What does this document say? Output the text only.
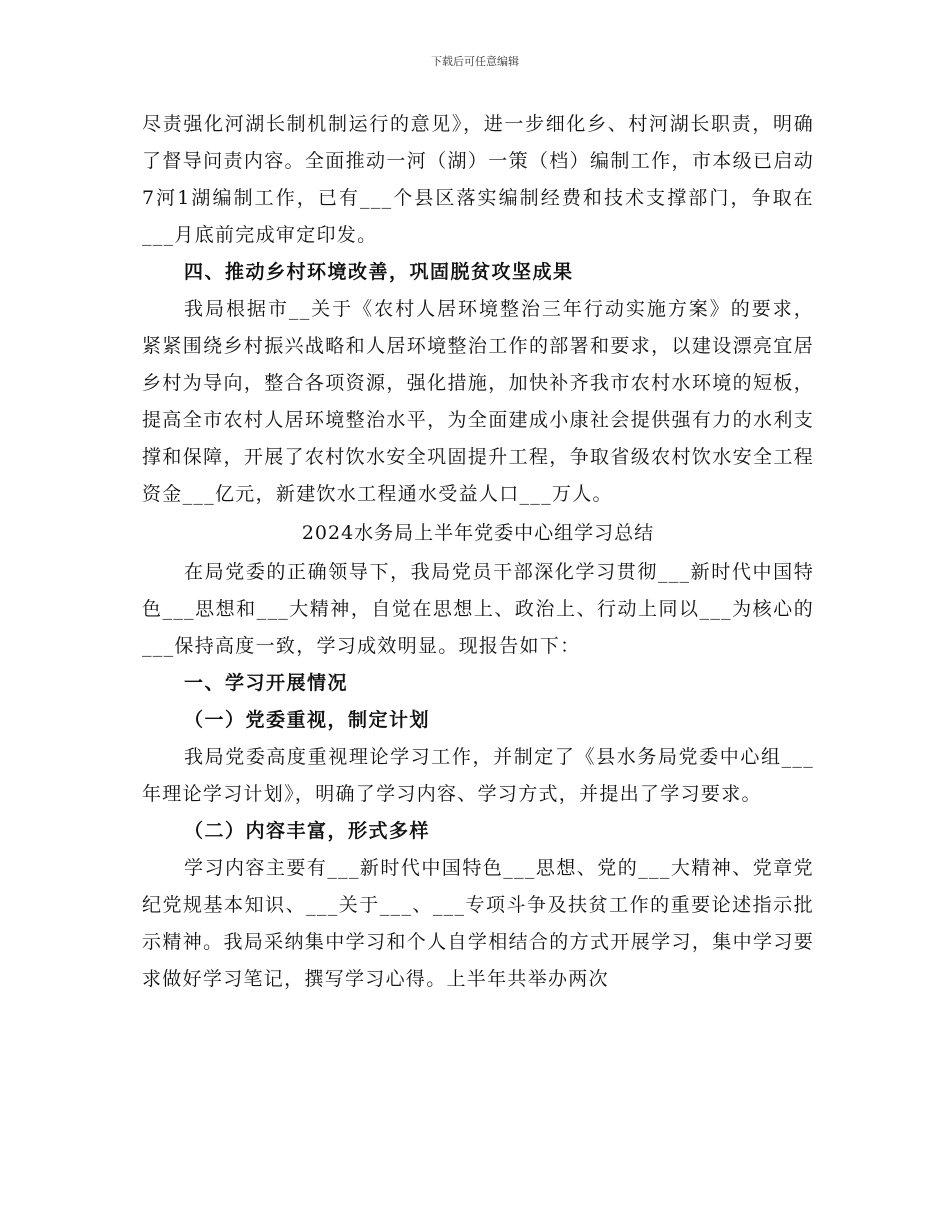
下载后可任意编辑

尽责强化河湖长制机制运行的意见》，进一步细化乡、村河湖长职责，明确了督导问责内容。全面推动一河（湖）一策（档）编制工作，市本级已启动7河1湖编制工作，已有___个县区落实编制经费和技术支撑部门，争取在___月底前完成审定印发。

四、推动乡村环境改善，巩固脱贫攻坚成果

我局根据市__关于《农村人居环境整治三年行动实施方案》的要求，紧紧围绕乡村振兴战略和人居环境整治工作的部署和要求，以建设漂亮宜居乡村为导向，整合各项资源，强化措施，加快补齐我市农村水环境的短板，提高全市农村人居环境整治水平，为全面建成小康社会提供强有力的水利支撑和保障，开展了农村饮水安全巩固提升工程，争取省级农村饮水安全工程资金___亿元，新建饮水工程通水受益人口___万人。

2024水务局上半年党委中心组学习总结

在局党委的正确领导下，我局党员干部深化学习贯彻___新时代中国特色___思想和___大精神，自觉在思想上、政治上、行动上同以___为核心的___保持高度一致，学习成效明显。现报告如下：

一、学习开展情况

（一）党委重视，制定计划

我局党委高度重视理论学习工作，并制定了《县水务局党委中心组___年理论学习计划》，明确了学习内容、学习方式，并提出了学习要求。

（二）内容丰富，形式多样

学习内容主要有___新时代中国特色___思想、党的___大精神、党章党纪党规基本知识、___关于___、___专项斗争及扶贫工作的重要论述指示批示精神。我局采纳集中学习和个人自学相结合的方式开展学习，集中学习要求做好学习笔记，撰写学习心得。上半年共举办两次
